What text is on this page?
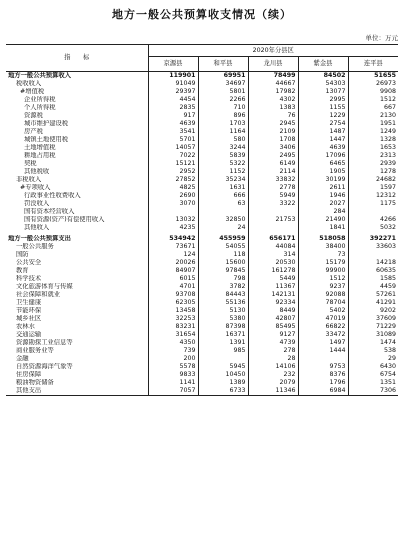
地方一般公共预算收支情况（续）
单位：万元
指　　标	2020年分县区				
	京源县	和平县	龙川县	紫金县	连平县
地方一般公共预算收入	119901	69951	78499	84502	51655
税收收入	91049	34697	44667	54303	26973
#增值税	29397	5801	17982	13077	9908
企业所得税	4454	2266	4302	2995	1512
个人所得税	2835	710	1383	1155	667
资源税	917	896	76	1229	2130
城市维护建设税	4639	1703	2945	2754	1951
房产税	3541	1164	2109	1487	1249
城镇土地使用税	5701	580	1708	1447	1328
土地增值税	14057	3244	3406	4639	1653
耕地占用税	7022	5839	2495	17096	2313
契税	15121	5322	6149	6465	2939
其他税收	2952	1152	2114	1905	1278
非税收入	27852	35234	33832	30199	24682
#专项收入	4825	1631	2778	2611	1597
行政事业性收费收入	2690	666	5949	1946	12312
罚没收入	3070	63	3322	2027	1175
国有资本经营收入				284	
国有资源(资产)有偿使用收入	13032	32850	21753	21490	4266
其他收入	4235	24		1841	5032

地方一般公共预算支出	534942	455959	656171	518058	392271
一般公共服务	73671	54055	44084	38400	33603
国防	124	118	314	73	
公共安全	20026	15600	20530	15179	14218
教育	84907	97845	161278	99900	60635
科学技术	6015	798	5449	1512	1585
文化旅游体育与传媒	4701	3782	11367	9237	4459
社会保障和就业	93708	84443	142131	92088	57261
卫生健康	62305	55136	92334	78704	41291
节能环保	13458	5130	8449	5402	9202
城乡社区	32253	5380	42807	47019	37609
农林水	83231	87398	85495	66822	71229
交通运输	31654	16371	9127	33472	31089
资源勘探工业信息等	4350	1391	4739	1497	1474
商业服务业等	739	985	278	1444	538
金融	200		28		29
自然资源海洋气象等	5578	5945	14106	9753	6430
住房保障	9833	10450	232	8376	6754
粮油物资储备	1141	1389	2079	1796	1351
其他支出	7057	6733	11346	6984	7306
